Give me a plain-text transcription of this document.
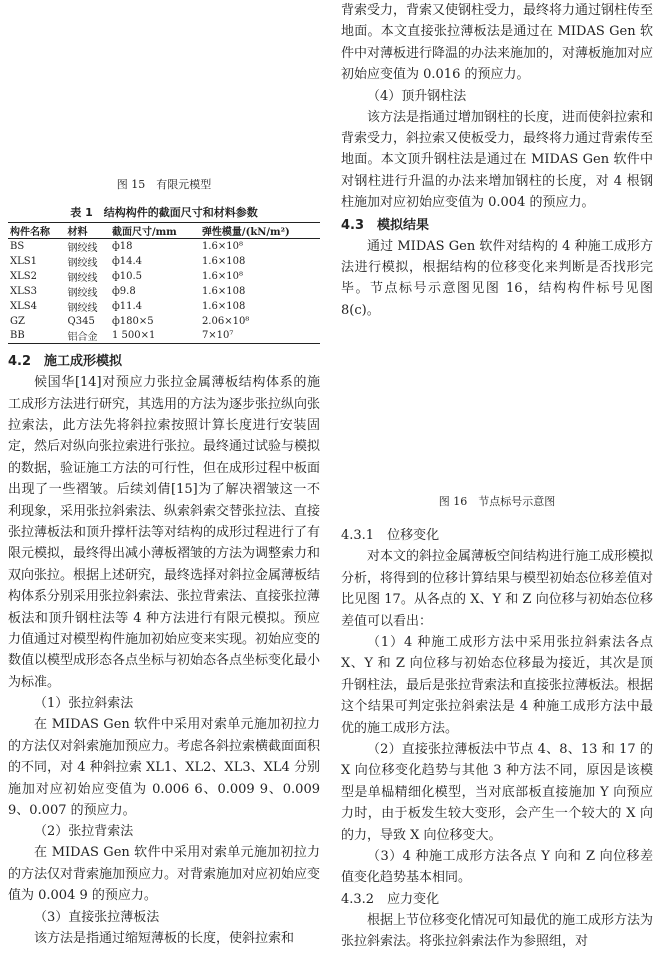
图 15　有限元模型

表 1　 结构构件的截面尺寸和材料参数

构件名称	材料	截面尺寸/mm	弹性模量/(kN/m²)
BS	钢绞线	ф18	1.6×10⁸
XLS1	钢绞线	ф14.4	1.6×108
XLS2	钢绞线	ф10.5	1.6×10⁸
XLS3	钢绞线	ф9.8	1.6×108
XLS4	钢绞线	ф11.4	1.6×108
GZ	Q345	ф180×5	2.06×10⁸
BB	铝合金	1 500×1	7×10⁷

4.2　施工成形模拟

候国华[14]对预应力张拉金属薄板结构体系的施工成形方法进行研究，其选用的方法为逐步张拉纵向张拉索法，此方法先将斜拉索按照计算长度进行安装固定，然后对纵向张拉索进行张拉。最终通过试验与模拟的数据，验证施工方法的可行性，但在成形过程中板面出现了一些褶皱。后续刘倩[15]为了解决褶皱这一不利现象，采用张拉斜索法、纵索斜索交替张拉法、直接张拉薄板法和顶升撑杆法等对结构的成形过程进行了有限元模拟，最终得出减小薄板褶皱的方法为调整索力和双向张拉。根据上述研究，最终选择对斜拉金属薄板结构体系分别采用张拉斜索法、张拉背索法、直接张拉薄板法和顶升钢柱法等 4 种方法进行有限元模拟。预应力值通过对模型构件施加初始应变来实现。初始应变的数值以模型成形态各点坐标与初始态各点坐标变化最小为标准。

（1）张拉斜索法

在 MIDAS Gen 软件中采用对索单元施加初拉力的方法仅对斜索施加预应力。考虑各斜拉索横截面面积的不同，对 4 种斜拉索 XL1、XL2、XL3、XL4 分别施加对应初始应变值为 0.006 6、0.009 9、0.009 9、0.007 的预应力。

（2）张拉背索法

在 MIDAS Gen 软件中采用对索单元施加初拉力的方法仅对背索施加预应力。对背索施加对应初始应变值为 0.004 9 的预应力。

（3）直接张拉薄板法

该方法是指通过缩短薄板的长度，使斜拉索和

背索受力，背索又使钢柱受力，最终将力通过钢柱传至地面。本文直接张拉薄板法是通过在 MIDAS Gen 软件中对薄板进行降温的办法来施加的，对薄板施加对应初始应变值为 0.016 的预应力。

（4）顶升钢柱法

该方法是指通过增加钢柱的长度，进而使斜拉索和背索受力，斜拉索又使板受力，最终将力通过背索传至地面。本文顶升钢柱法是通过在 MIDAS Gen 软件中对钢柱进行升温的办法来增加钢柱的长度，对 4 根钢柱施加对应初始应变值为 0.004 的预应力。

4.3　模拟结果

通过 MIDAS Gen 软件对结构的 4 种施工成形方法进行模拟，根据结构的位移变化来判断是否找形完毕。节点标号示意图见图 16，结构构件标号见图 8(c)。

图 16　节点标号示意图

4.3.1　位移变化

对本文的斜拉金属薄板空间结构进行施工成形模拟分析，将得到的位移计算结果与模型初始态位移差值对比见图 17。从各点的 X、Y 和 Z 向位移与初始态位移差值可以看出：

（1）4 种施工成形方法中采用张拉斜索法各点 X、Y 和 Z 向位移与初始态位移最为接近，其次是顶升钢柱法，最后是张拉背索法和直接张拉薄板法。根据这个结果可判定张拉斜索法是 4 种施工成形方法中最优的施工成形方法。

（2）直接张拉薄板法中节点 4、8、13 和 17 的 X 向位移变化趋势与其他 3 种方法不同，原因是该模型是单榀精细化模型，当对底部板直接施加 Y 向预应力时，由于板发生较大变形，会产生一个较大的 X 向的力，导致 X 向位移变大。

（3）4 种施工成形方法各点 Y 向和 Z 向位移差值变化趋势基本相同。

4.3.2　应力变化

根据上节位移变化情况可知最优的施工成形方法为张拉斜索法。将张拉斜索法作为参照组，对
